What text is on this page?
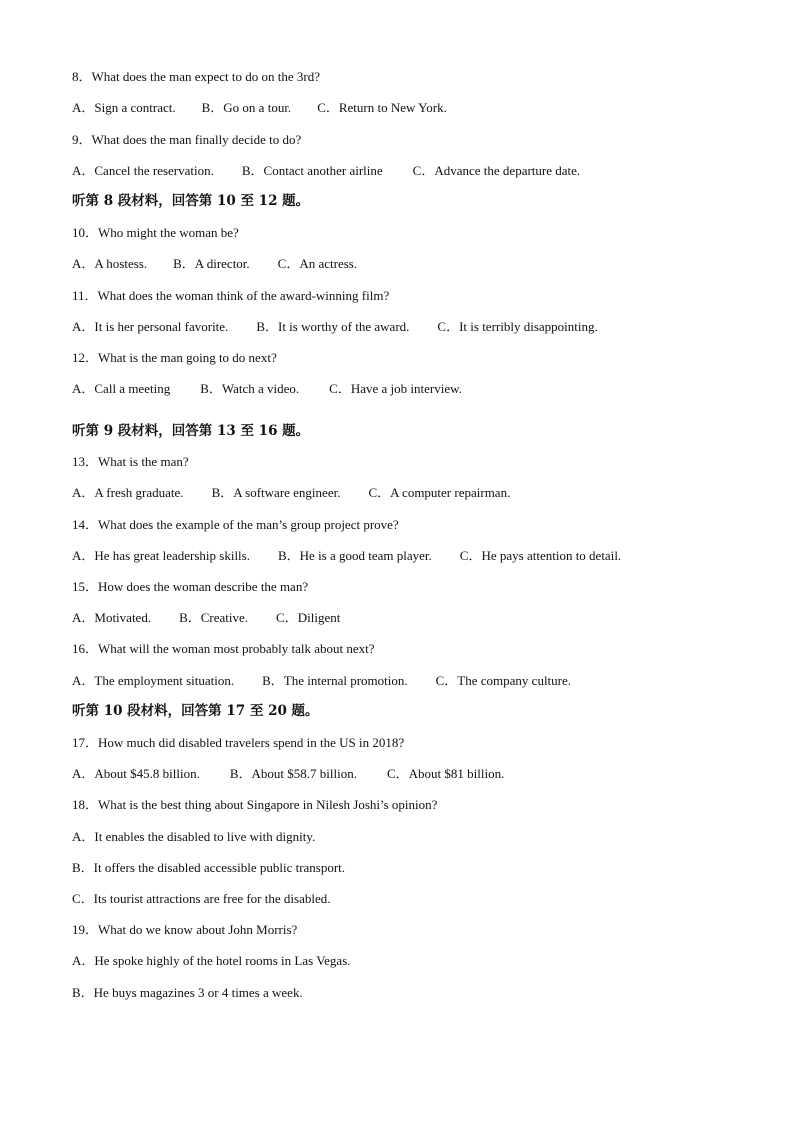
8．What does the man expect to do on the 3rd?
A．Sign a contract. B．Go on a tour. C．Return to New York.
9．What does the man finally decide to do?
A．Cancel the reservation. B．Contact another airline C．Advance the departure date.
听第 8 段材料，回答第 10 至 12 题。
10．Who might the woman be?
A．A hostess. B．A director. C．An actress.
11．What does the woman think of the award-winning film?
A．It is her personal favorite. B．It is worthy of the award. C．It is terribly disappointing.
12．What is the man going to do next?
A．Call a meeting B．Watch a video. C．Have a job interview.
听第 9 段材料，回答第 13 至 16 题。
13．What is the man?
A．A fresh graduate. B．A software engineer. C．A computer repairman.
14．What does the example of the man’s group project prove?
A．He has great leadership skills. B．He is a good team player. C．He pays attention to detail.
15．How does the woman describe the man?
A．Motivated. B．Creative. C．Diligent
16．What will the woman most probably talk about next?
A．The employment situation. B．The internal promotion. C．The company culture.
听第 10 段材料，回答第 17 至 20 题。
17．How much did disabled travelers spend in the US in 2018?
A．About $45.8 billion. B．About $58.7 billion. C．About $81 billion.
18．What is the best thing about Singapore in Nilesh Joshi’s opinion?
A．It enables the disabled to live with dignity.
B．It offers the disabled accessible public transport.
C．Its tourist attractions are free for the disabled.
19．What do we know about John Morris?
A．He spoke highly of the hotel rooms in Las Vegas.
B．He buys magazines 3 or 4 times a week.
